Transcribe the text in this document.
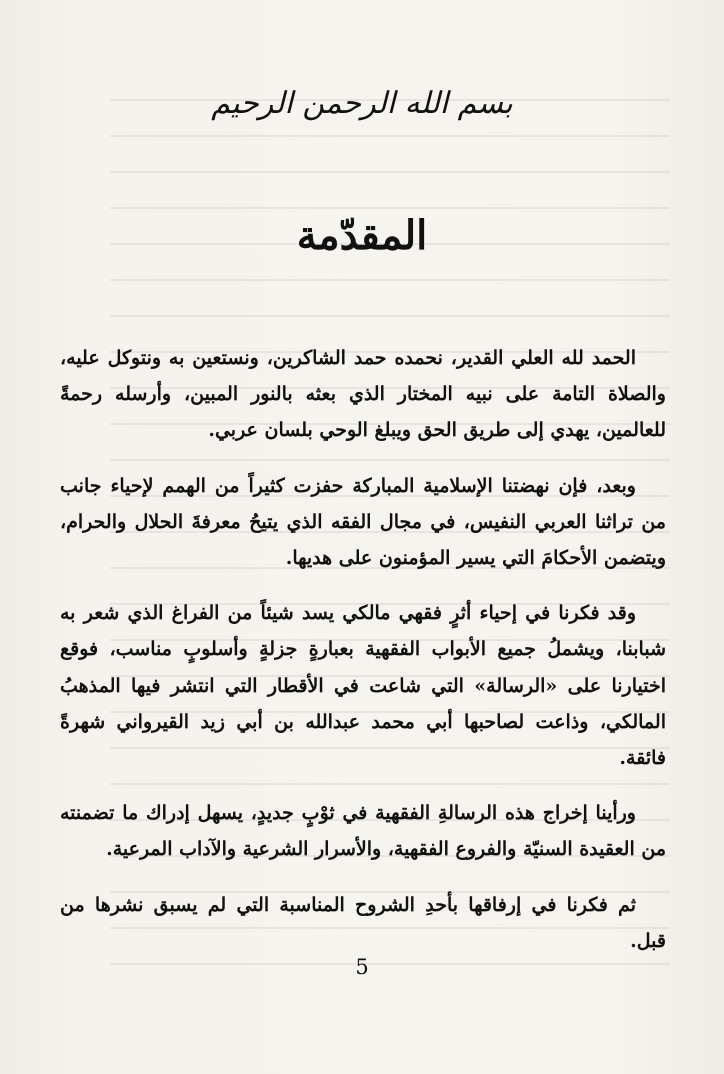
بسم الله الرحمن الرحيم
المقدّمة

الحمد لله العلي القدير، نحمده حمد الشاكرين، ونستعين به ونتوكل عليه، والصلاة التامة على نبيه المختار الذي بعثه بالنور المبين، وأرسله رحمةً للعالمين، يهدي إلى طريق الحق ويبلغ الوحي بلسان عربي.

وبعد، فإن نهضتنا الإسلامية المباركة حفزت كثيراً من الهمم لإحياء جانب من تراثنا العربي النفيس، في مجال الفقه الذي يتيحُ معرفةَ الحلال والحرام، ويتضمن الأحكامَ التي يسير المؤمنون على هديها.

وقد فكرنا في إحياء أثرٍ فقهي مالكي يسد شيئاً من الفراغ الذي شعر به شبابنا، ويشملُ جميع الأبواب الفقهية بعبارةٍ جزلةٍ وأسلوبٍ مناسب، فوقع اختيارنا على «الرسالة» التي شاعت في الأقطار التي انتشر فيها المذهبُ المالكي، وذاعت لصاحبها أبي محمد عبدالله بن أبي زيد القيرواني شهرةً فائقة.

ورأينا إخراج هذه الرسالةِ الفقهية في ثوْبٍ جديدٍ، يسهل إدراك ما تضمنته من العقيدة السنيّة والفروع الفقهية، والأسرار الشرعية والآداب المرعية.

ثم فكرنا في إرفاقها بأحدِ الشروح المناسبة التي لم يسبق نشرها من قبل.

5
